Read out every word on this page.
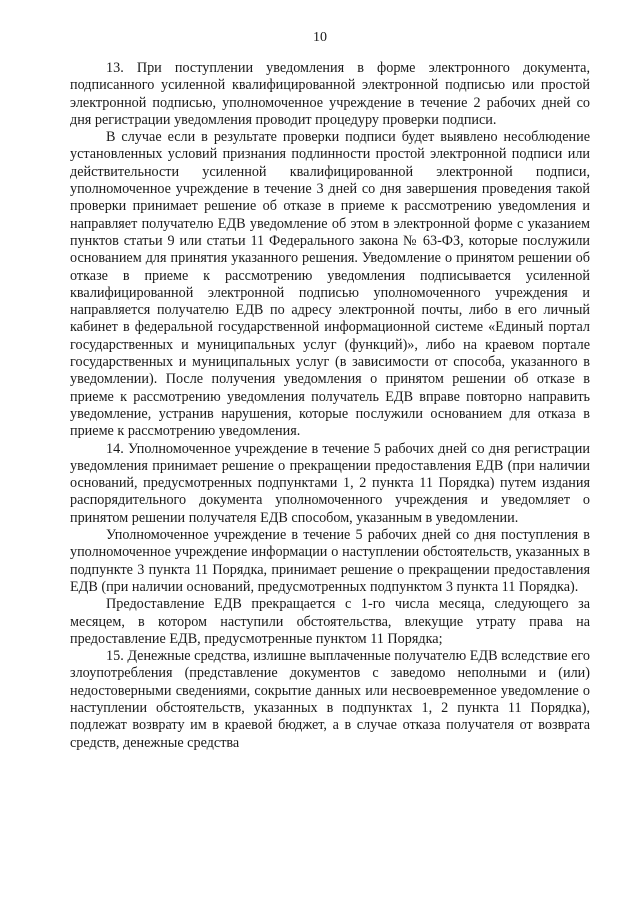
10

13. При поступлении уведомления в форме электронного документа, подписанного усиленной квалифицированной электронной подписью или простой электронной подписью, уполномоченное учреждение в течение 2 рабочих дней со дня регистрации уведомления проводит процедуру проверки подписи.

В случае если в результате проверки подписи будет выявлено несоблюдение установленных условий признания подлинности простой электронной подписи или действительности усиленной квалифицированной электронной подписи, уполномоченное учреждение в течение 3 дней со дня завершения проведения такой проверки принимает решение об отказе в приеме к рассмотрению уведомления и направляет получателю ЕДВ уведомление об этом в электронной форме с указанием пунктов статьи 9 или статьи 11 Федерального закона № 63-ФЗ, которые послужили основанием для принятия указанного решения. Уведомление о принятом решении об отказе в приеме к рассмотрению уведомления подписывается усиленной квалифицированной электронной подписью уполномоченного учреждения и направляется получателю ЕДВ по адресу электронной почты, либо в его личный кабинет в федеральной государственной информационной системе «Единый портал государственных и муниципальных услуг (функций)», либо на краевом портале государственных и муниципальных услуг (в зависимости от способа, указанного в уведомлении). После получения уведомления о принятом решении об отказе в приеме к рассмотрению уведомления получатель ЕДВ вправе повторно направить уведомление, устранив нарушения, которые послужили основанием для отказа в приеме к рассмотрению уведомления.

14. Уполномоченное учреждение в течение 5 рабочих дней со дня регистрации уведомления принимает решение о прекращении предоставления ЕДВ (при наличии оснований, предусмотренных подпунктами 1, 2 пункта 11 Порядка) путем издания распорядительного документа уполномоченного учреждения и уведомляет о принятом решении получателя ЕДВ способом, указанным в уведомлении.

Уполномоченное учреждение в течение 5 рабочих дней со дня поступления в уполномоченное учреждение информации о наступлении обстоятельств, указанных в подпункте 3 пункта 11 Порядка, принимает решение о прекращении предоставления ЕДВ (при наличии оснований, предусмотренных подпунктом 3 пункта 11 Порядка).

Предоставление ЕДВ прекращается с 1-го числа месяца, следующего за месяцем, в котором наступили обстоятельства, влекущие утрату права на предоставление ЕДВ, предусмотренные пунктом 11 Порядка;

15. Денежные средства, излишне выплаченные получателю ЕДВ вследствие его злоупотребления (представление документов с заведомо неполными и (или) недостоверными сведениями, сокрытие данных или несвоевременное уведомление о наступлении обстоятельств, указанных в подпунктах 1, 2 пункта 11 Порядка), подлежат возврату им в краевой бюджет, а в случае отказа получателя от возврата средств, денежные средства
